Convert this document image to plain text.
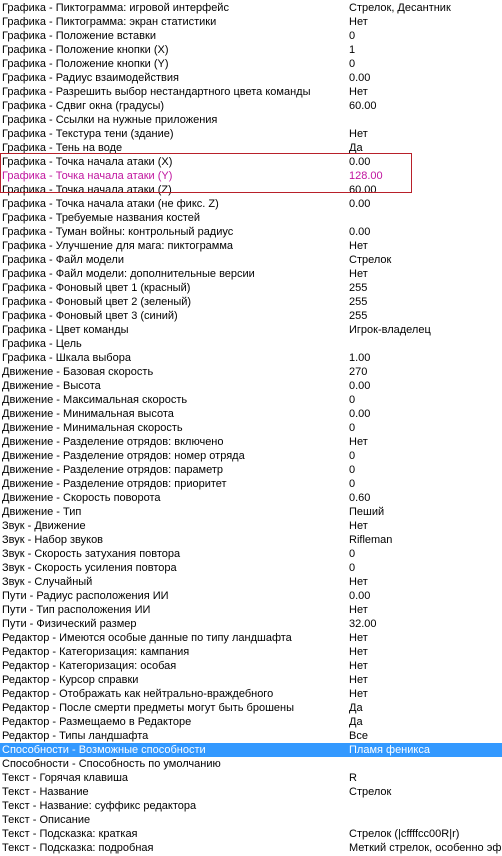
Графика - Пиктограмма: игровой интерфейс	Стрелок, Десантник
Графика - Пиктограмма: экран статистики	Нет
Графика - Положение вставки	0
Графика - Положение кнопки (X)	1
Графика - Положение кнопки (Y)	0
Графика - Радиус взаимодействия	0.00
Графика - Разрешить выбор нестандартного цвета команды	Нет
Графика - Сдвиг окна (градусы)	60.00
Графика - Ссылки на нужные приложения
Графика - Текстура тени (здание)	Нет
Графика - Тень на воде	Да
Графика - Точка начала атаки (X)	0.00
Графика - Точка начала атаки (Y)	128.00
Графика - Точка начала атаки (Z)	60.00
Графика - Точка начала атаки (не фикс. Z)	0.00
Графика - Требуемые названия костей
Графика - Туман войны: контрольный радиус	0.00
Графика - Улучшение для мага: пиктограмма	Нет
Графика - Файл модели	Стрелок
Графика - Файл модели: дополнительные версии	Нет
Графика - Фоновый цвет 1 (красный)	255
Графика - Фоновый цвет 2 (зеленый)	255
Графика - Фоновый цвет 3 (синий)	255
Графика - Цвет команды	Игрок-владелец
Графика - Цель
Графика - Шкала выбора	1.00
Движение - Базовая скорость	270
Движение - Высота	0.00
Движение - Максимальная скорость	0
Движение - Минимальная высота	0.00
Движение - Минимальная скорость	0
Движение - Разделение отрядов: включено	Нет
Движение - Разделение отрядов: номер отряда	0
Движение - Разделение отрядов: параметр	0
Движение - Разделение отрядов: приоритет	0
Движение - Скорость поворота	0.60
Движение - Тип	Пеший
Звук - Движение	Нет
Звук - Набор звуков	Rifleman
Звук - Скорость затухания повтора	0
Звук - Скорость усиления повтора	0
Звук - Случайный	Нет
Пути - Радиус расположения ИИ	0.00
Пути - Тип расположения ИИ	Нет
Пути - Физический размер	32.00
Редактор - Имеются особые данные по типу ландшафта	Нет
Редактор - Категоризация: кампания	Нет
Редактор - Категоризация: особая	Нет
Редактор - Курсор справки	Нет
Редактор - Отображать как нейтрально-враждебного	Нет
Редактор - После смерти предметы могут быть брошены	Да
Редактор - Размещаемо в Редакторе	Да
Редактор - Типы ландшафта	Все
Способности - Возможные способности	Пламя феникса
Способности - Способность по умолчанию
Текст - Горячая клавиша	R
Текст - Название	Стрелок
Текст - Название: суффикс редактора
Текст - Описание
Текст - Подсказка: краткая	Стрелок (|cffffcc00R|r)
Текст - Подсказка: подробная	Меткий стрелок, особенно эф
